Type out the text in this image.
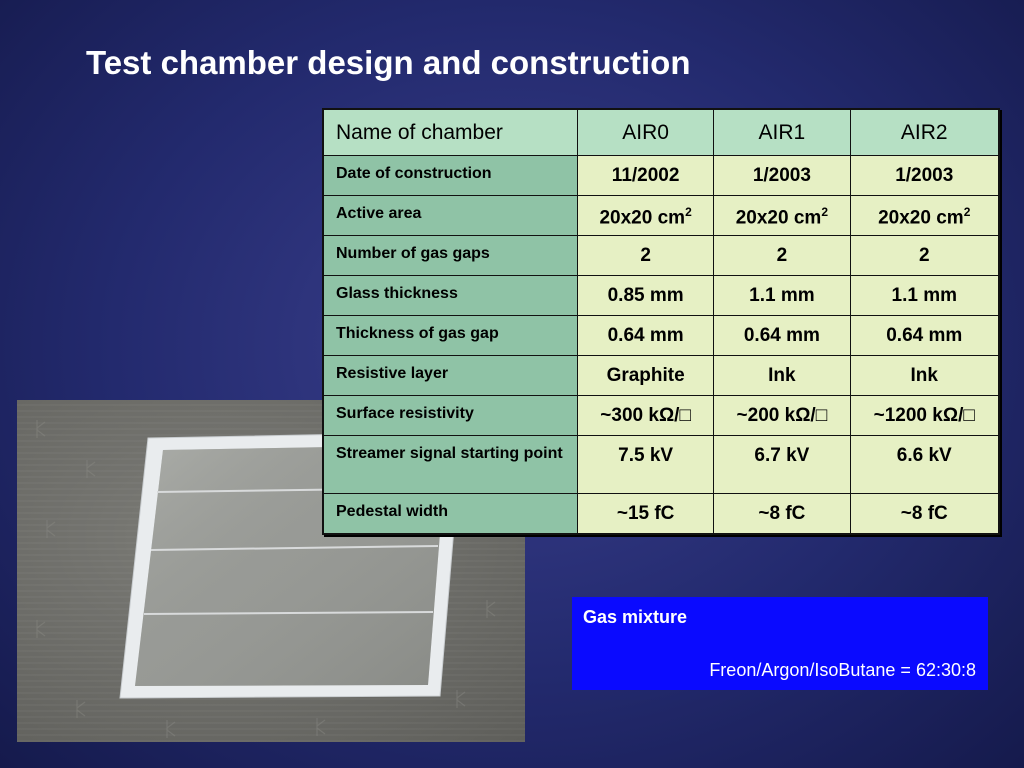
Test chamber design and construction
Name of chamber	AIR0	AIR1	AIR2
Date of construction	11/2002	1/2003	1/2003
Active area	20x20 $cm^2$	20x20 $cm^2$	20x20 $cm^2$
Number of gas gaps	2	2	2
Glass thickness	0.85 mm	1.1 mm	1.1 mm
Thickness of gas gap	0.64 mm	0.64 mm	0.64 mm
Resistive layer	Graphite	Ink	Ink
Surface resistivity	~300 kΩ/□	~200 kΩ/□	~1200 kΩ/□
Streamer signal starting point	7.5 kV	6.7 kV	6.6 kV
Pedestal width	~15 fC	~8 fC	~8 fC
Gas mixture
Freon/Argon/IsoButane = 62:30:8
